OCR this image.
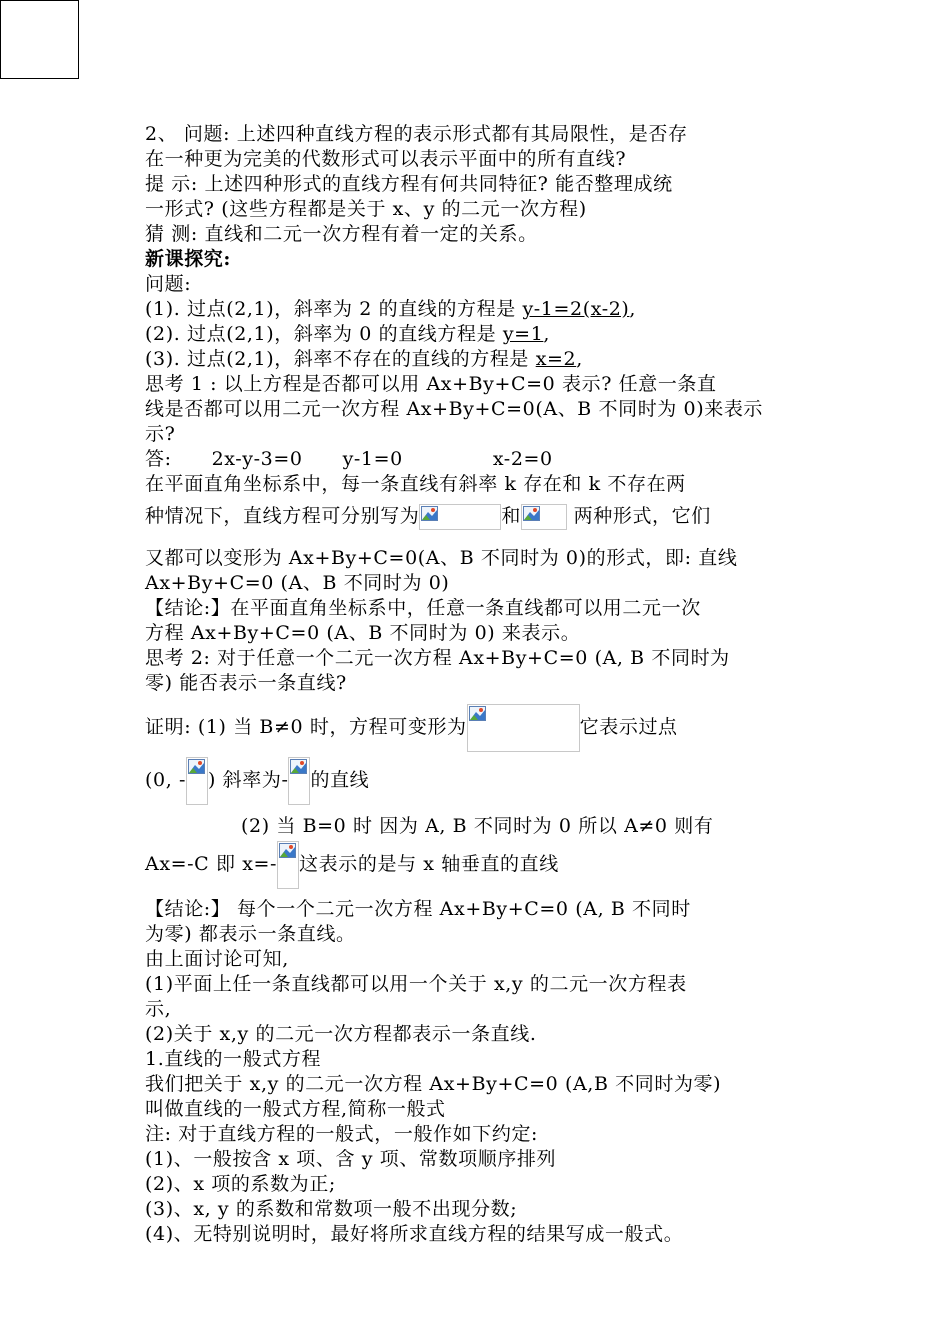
2、 问题: 上述四种直线方程的表示形式都有其局限性，是否存
在一种更为完美的代数形式可以表示平面中的所有直线?
提 示: 上述四种形式的直线方程有何共同特征? 能否整理成统
一形式? (这些方程都是关于 x、y 的二元一次方程)
猜 测: 直线和二元一次方程有着一定的关系。
新课探究:
问题:
(1). 过点(2,1)，斜率为 2 的直线的方程是 y-1=2(x-2),
(2). 过点(2,1)，斜率为 0 的直线方程是 y=1,
(3). 过点(2,1)，斜率不存在的直线的方程是 x=2,
思考 1 : 以上方程是否都可以用 Ax+By+C=0 表示? 任意一条直
线是否都可以用二元一次方程 Ax+By+C=0(A、B 不同时为 0)来表示
示?
答: 2x-y-3=0 y-1=0	x-2=0
在平面直角坐标系中，每一条直线有斜率 k 存在和 k 不存在两
种情况下，直线方程可分别写为	和
两种形式，它们
又都可以变形为 Ax+By+C=0(A、B 不同时为 0)的形式，即: 直线
Ax+By+C=0 (A、B 不同时为 0)
【结论:】在平面直角坐标系中，任意一条直线都可以用二元一次
方程 Ax+By+C=0 (A、B 不同时为 0) 来表示。
思考 2: 对于任意一个二元一次方程 Ax+By+C=0 (A, B 不同时为
零) 能否表示一条直线?
证明: (1) 当 B≠0 时，方程可变形为	它表示过点
(0, - ) 斜率为- 的直线
(2) 当 B=0 时 因为 A, B 不同时为 0 所以 A≠0 则有
Ax=-C 即 x=- 这表示的是与 x 轴垂直的直线
【结论:】 每个一个二元一次方程 Ax+By+C=0 (A, B 不同时
为零) 都表示一条直线。
由上面讨论可知,
(1)平面上任一条直线都可以用一个关于 x,y 的二元一次方程表
示,
(2)关于 x,y 的二元一次方程都表示一条直线.
1.直线的一般式方程
我们把关于 x,y 的二元一次方程 Ax+By+C=0 (A,B 不同时为零)
叫做直线的一般式方程,简称一般式
注: 对于直线方程的一般式，一般作如下约定:
(1)、一般按含 x 项、含 y 项、常数项顺序排列
(2)、x 项的系数为正;
(3)、x, y 的系数和常数项一般不出现分数;
(4)、无特别说明时，最好将所求直线方程的结果写成一般式。
